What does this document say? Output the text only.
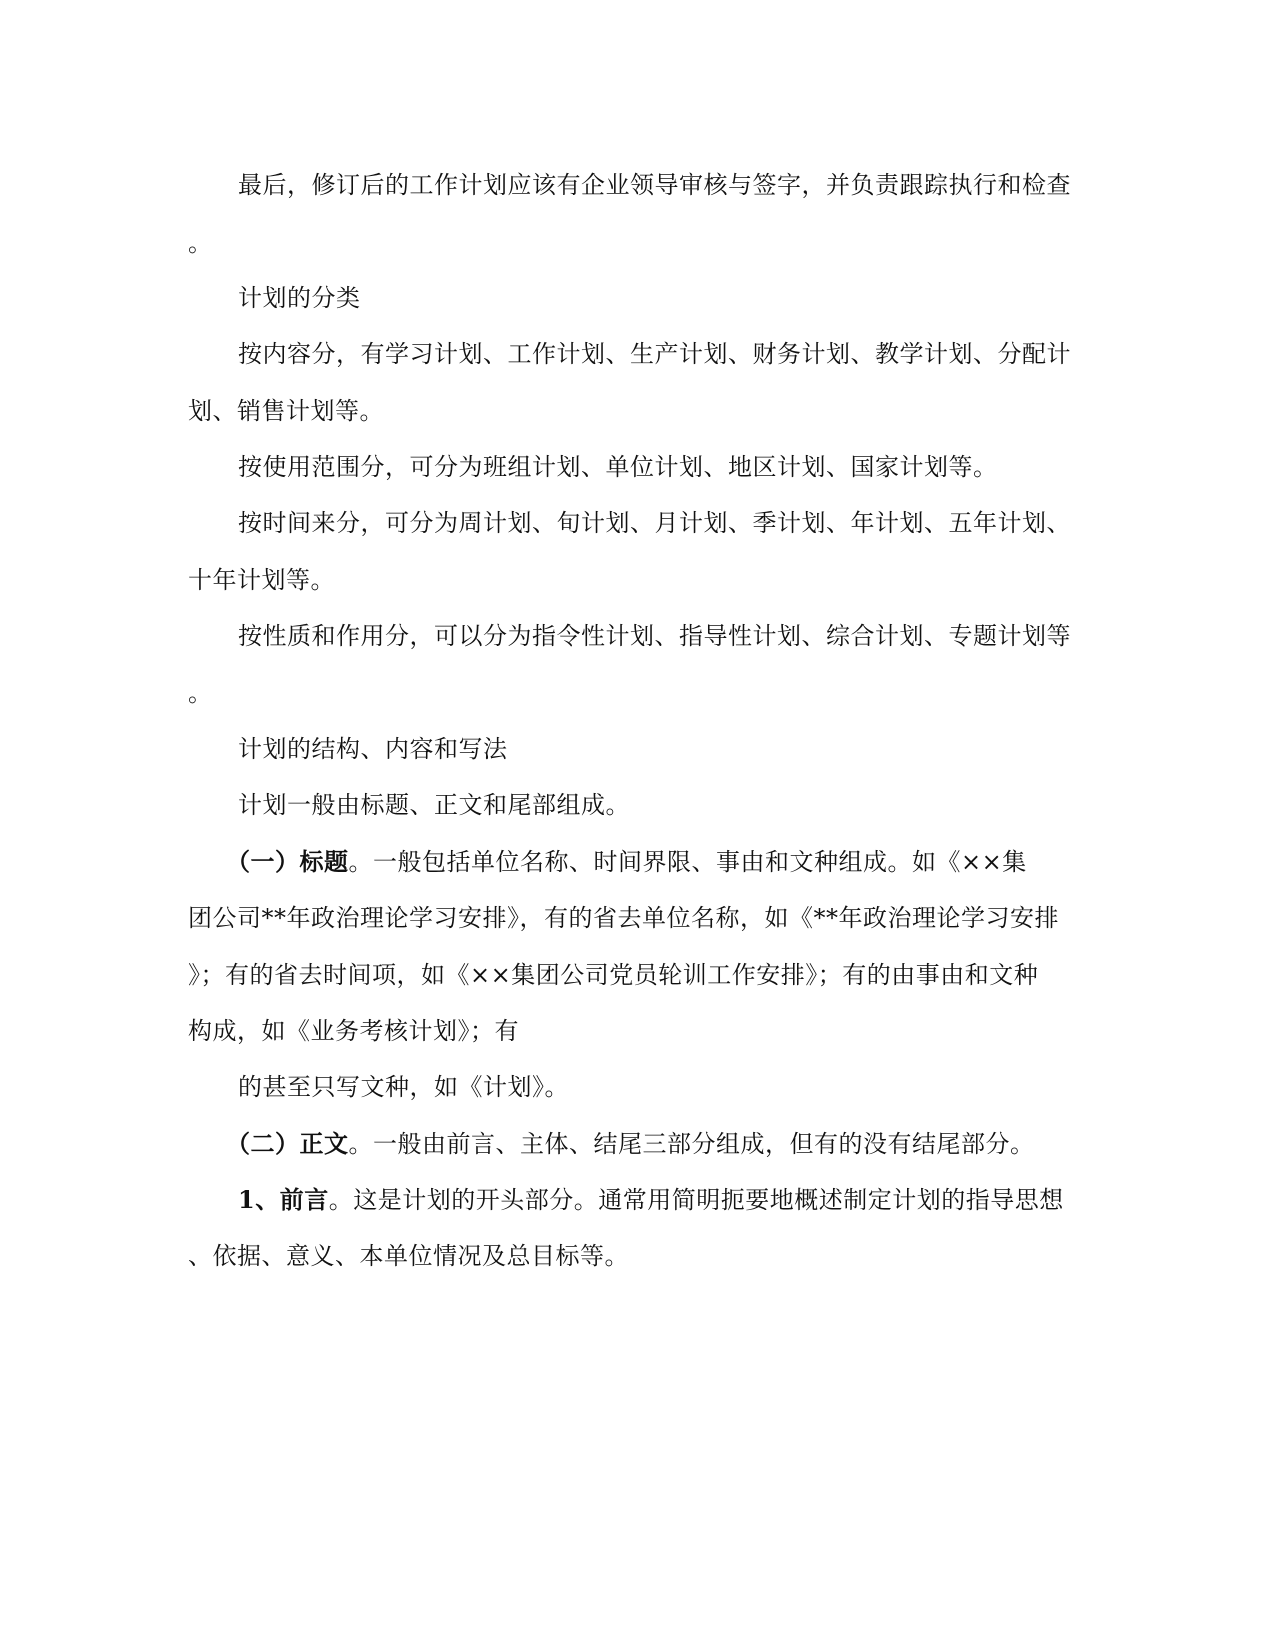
最后，修订后的工作计划应该有企业领导审核与签字，并负责跟踪执行和检查
。
计划的分类
按内容分，有学习计划、工作计划、生产计划、财务计划、教学计划、分配计
划、销售计划等。
按使用范围分，可分为班组计划、单位计划、地区计划、国家计划等。
按时间来分，可分为周计划、旬计划、月计划、季计划、年计划、五年计划、
十年计划等。
按性质和作用分，可以分为指令性计划、指导性计划、综合计划、专题计划等
。
计划的结构、内容和写法
计划一般由标题、正文和尾部组成。
（一）标题。一般包括单位名称、时间界限、事由和文种组成。如《××集
团公司**年政治理论学习安排》，有的省去单位名称，如《**年政治理论学习安排
》；有的省去时间项，如《××集团公司党员轮训工作安排》；有的由事由和文种
构成，如《业务考核计划》；有
的甚至只写文种，如《计划》。
（二）正文。一般由前言、主体、结尾三部分组成，但有的没有结尾部分。
1、前言。这是计划的开头部分。通常用简明扼要地概述制定计划的指导思想
、依据、意义、本单位情况及总目标等。
